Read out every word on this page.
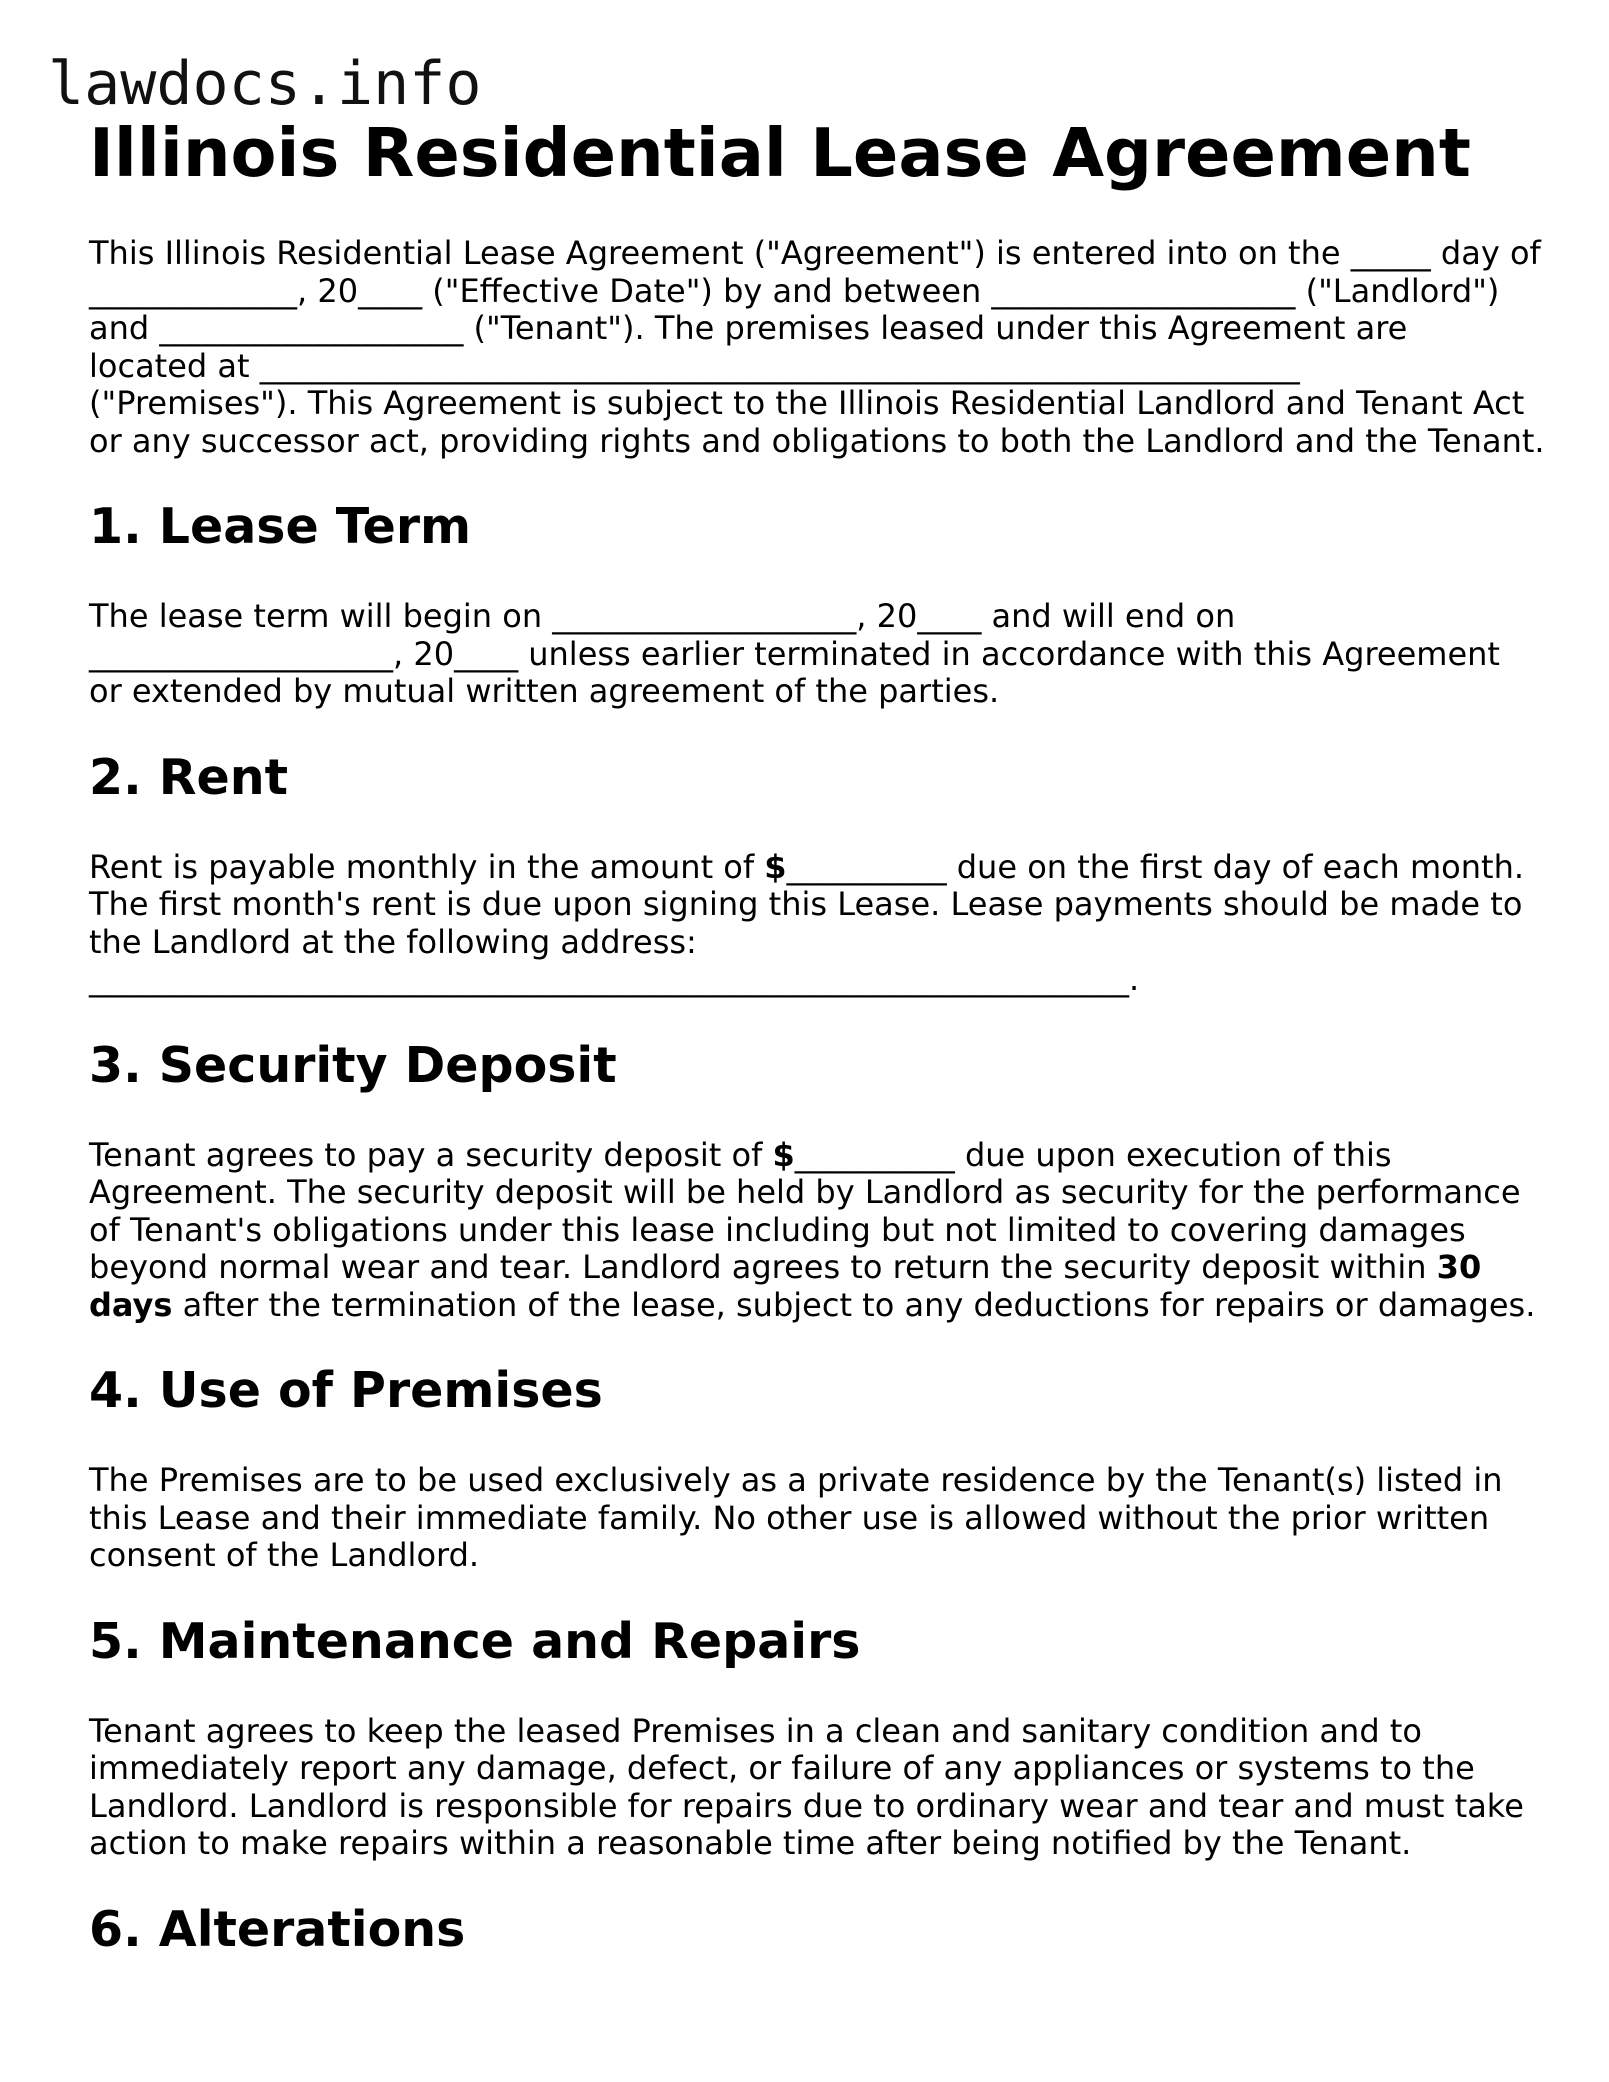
lawdocs.info
Illinois Residential Lease Agreement

This Illinois Residential Lease Agreement ("Agreement") is entered into on the _____ day of

_____________, 20____ ("Effective Date") by and between ___________________ ("Landlord")

and ___________________ ("Tenant"). The premises leased under this Agreement are

located at _________________________________________________________________

("Premises"). This Agreement is subject to the Illinois Residential Landlord and Tenant Act

or any successor act, providing rights and obligations to both the Landlord and the Tenant.

1. Lease Term

The lease term will begin on ___________________, 20____ and will end on

___________________, 20____ unless earlier terminated in accordance with this Agreement

or extended by mutual written agreement of the parties.

2. Rent

Rent is payable monthly in the amount of $__________ due on the first day of each month.

The first month's rent is due upon signing this Lease. Lease payments should be made to

the Landlord at the following address:

_________________________________________________________________.

3. Security Deposit

Tenant agrees to pay a security deposit of $__________ due upon execution of this

Agreement. The security deposit will be held by Landlord as security for the performance

of Tenant's obligations under this lease including but not limited to covering damages

beyond normal wear and tear. Landlord agrees to return the security deposit within 30

days after the termination of the lease, subject to any deductions for repairs or damages.

4. Use of Premises

The Premises are to be used exclusively as a private residence by the Tenant(s) listed in

this Lease and their immediate family. No other use is allowed without the prior written

consent of the Landlord.

5. Maintenance and Repairs

Tenant agrees to keep the leased Premises in a clean and sanitary condition and to

immediately report any damage, defect, or failure of any appliances or systems to the

Landlord. Landlord is responsible for repairs due to ordinary wear and tear and must take

action to make repairs within a reasonable time after being notified by the Tenant.

6. Alterations
